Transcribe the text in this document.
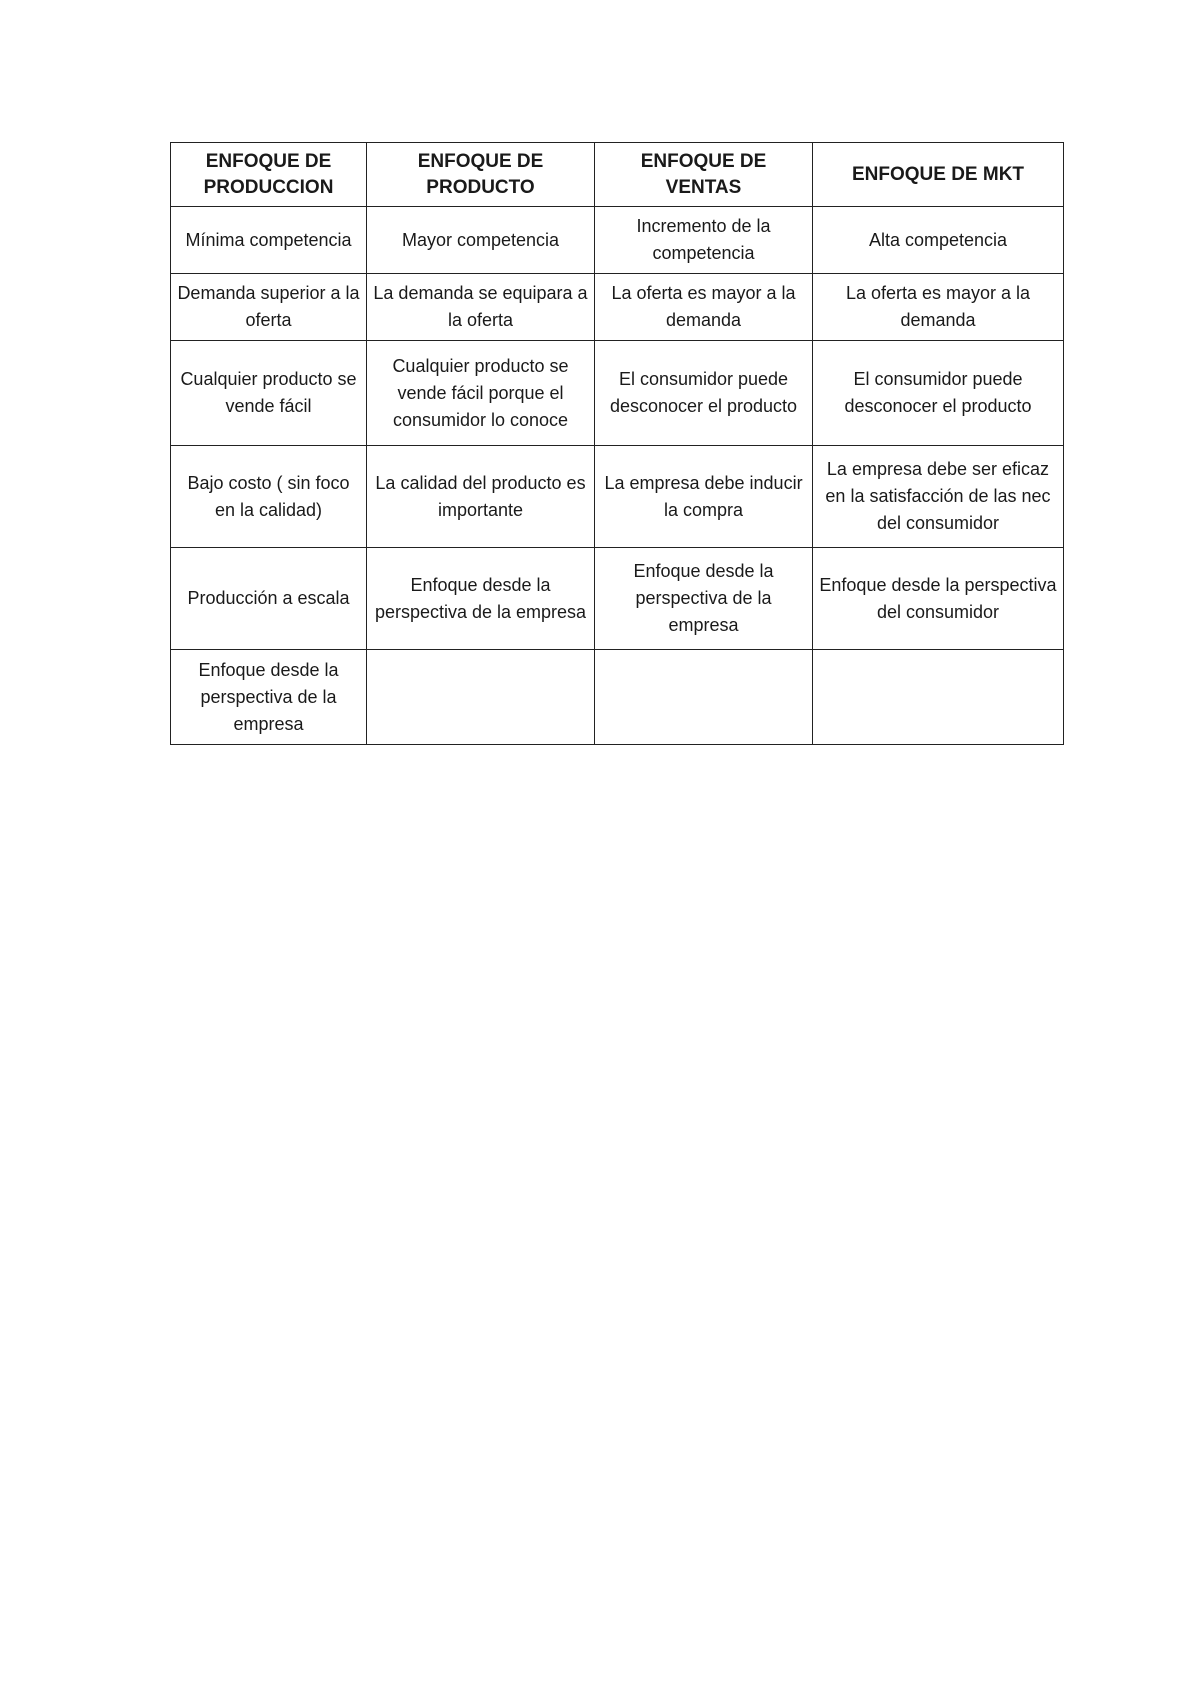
ENFOQUE DE PRODUCCION	ENFOQUE DE PRODUCTO	ENFOQUE DE VENTAS	ENFOQUE DE MKT
Mínima competencia	Mayor competencia	Incremento de la competencia	Alta competencia
Demanda superior a la oferta	La demanda se equipara a la oferta	La oferta es mayor a la demanda	La oferta es mayor a la demanda
Cualquier producto se vende fácil	Cualquier producto se vende fácil porque el consumidor lo conoce	El consumidor puede desconocer el producto	El consumidor puede desconocer el producto
Bajo costo ( sin foco en la calidad)	La calidad del producto es importante	La empresa debe inducir la compra	La empresa debe ser eficaz en la satisfacción de las nec del consumidor
Producción a escala	Enfoque desde la perspectiva de la empresa	Enfoque desde la perspectiva de la empresa	Enfoque desde la perspectiva del consumidor
Enfoque desde la perspectiva de la empresa			
